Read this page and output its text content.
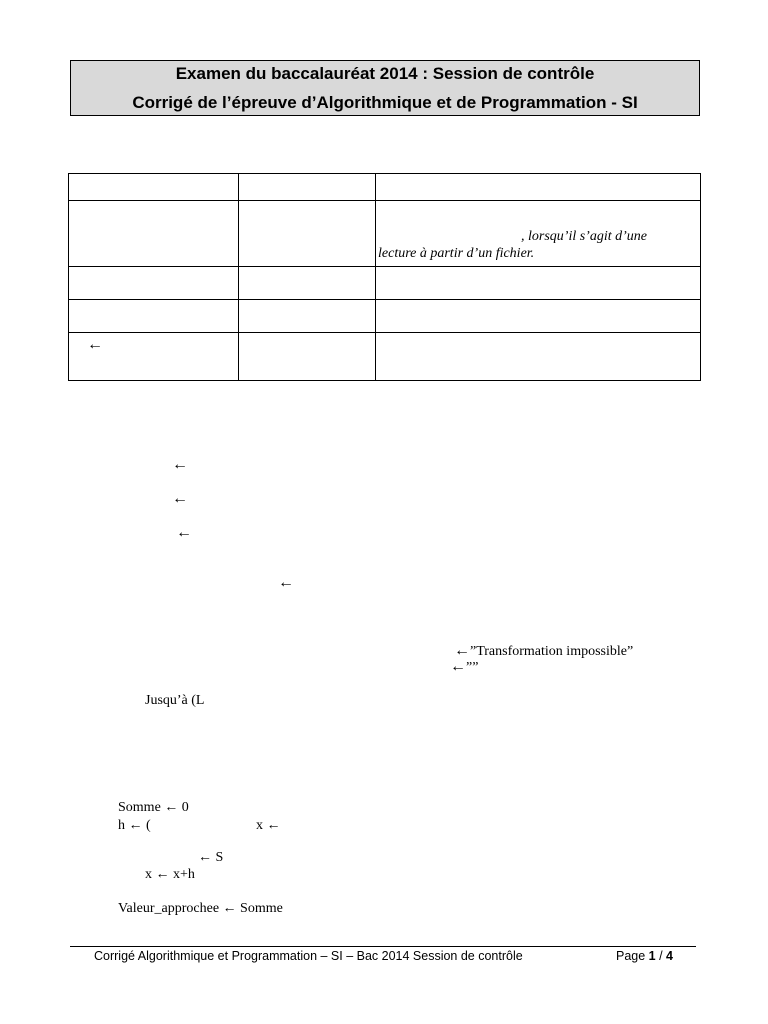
Examen du baccalauréat 2014 : Session de contrôle
Corrigé de l’épreuve d’Algorithmique et de Programmation - SI

		, lorsqu’il s’agit d’une
lecture à partir d’un fichier.

←		

←
←
←
←
←”Transformation impossible”
←””
Jusqu’à (L
Somme ← 0
h ← (	x ←
← S
x ← x+h
Valeur_approchee ← Somme
Corrigé Algorithmique et Programmation – SI – Bac 2014 Session de contrôle	Page 1 / 4
